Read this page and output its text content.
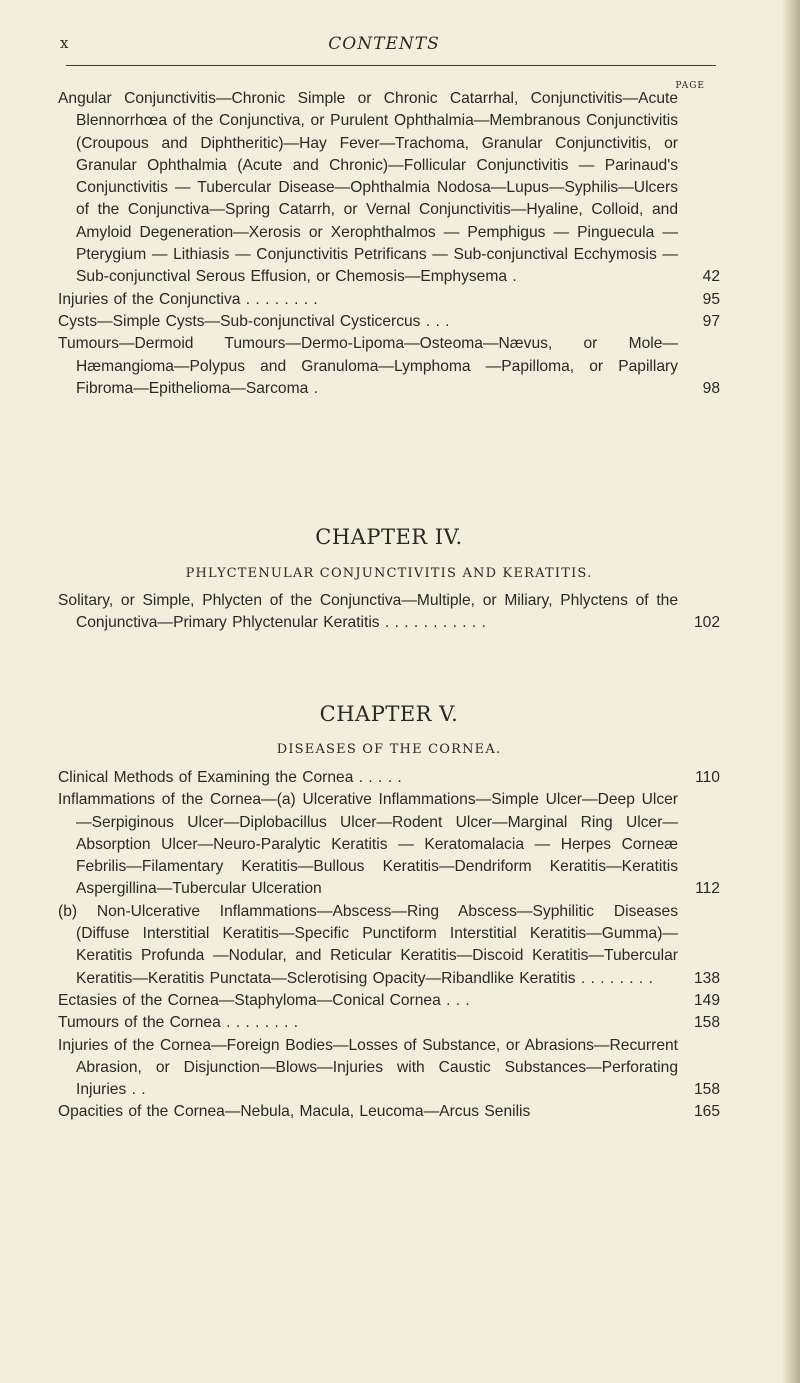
x	CONTENTS
PAGE
Angular Conjunctivitis—Chronic Simple or Chronic Catarrhal, Conjunctivitis—Acute Blennorrhœa of the Conjunctiva, or Purulent Ophthalmia—Membranous Conjunctivitis (Croupous and Diphtheritic)—Hay Fever—Trachoma, Granular Conjunctivitis, or Granular Ophthalmia (Acute and Chronic)—Follicular Conjunctivitis — Parinaud's Conjunctivitis — Tubercular Disease—Ophthalmia Nodosa—Lupus—Syphilis—Ulcers of the Conjunctiva—Spring Catarrh, or Vernal Conjunctivitis—Hyaline, Colloid, and Amyloid Degeneration—Xerosis or Xerophthalmos — Pemphigus — Pinguecula — Pterygium — Lithiasis — Conjunctivitis Petrificans — Sub-conjunctival Ecchymosis — Sub-conjunctival Serous Effusion, or Chemosis—Emphysema .	42
Injuries of the Conjunctiva . . . . . . . .	95
Cysts—Simple Cysts—Sub-conjunctival Cysticercus . . .	97
Tumours—Dermoid Tumours—Dermo-Lipoma—Osteoma—Nævus, or Mole—Hæmangioma—Polypus and Granuloma—Lymphoma —Papilloma, or Papillary Fibroma—Epithelioma—Sarcoma .	98
CHAPTER IV.
PHLYCTENULAR CONJUNCTIVITIS AND KERATITIS.
Solitary, or Simple, Phlycten of the Conjunctiva—Multiple, or Miliary, Phlyctens of the Conjunctiva—Primary Phlyctenular Keratitis . . . . . . . . . . .	102
CHAPTER V.
DISEASES OF THE CORNEA.
Clinical Methods of Examining the Cornea . . . . .	110
Inflammations of the Cornea—(a) Ulcerative Inflammations—Simple Ulcer—Deep Ulcer—Serpiginous Ulcer—Diplobacillus Ulcer—Rodent Ulcer—Marginal Ring Ulcer—Absorption Ulcer—Neuro-Paralytic Keratitis — Keratomalacia — Herpes Corneæ Febrilis—Filamentary Keratitis—Bullous Keratitis—Dendriform Keratitis—Keratitis Aspergillina—Tubercular Ulceration	112
(b) Non-Ulcerative Inflammations—Abscess—Ring Abscess—Syphilitic Diseases (Diffuse Interstitial Keratitis—Specific Punctiform Interstitial Keratitis—Gumma)—Keratitis Profunda —Nodular, and Reticular Keratitis—Discoid Keratitis—Tubercular Keratitis—Keratitis Punctata—Sclerotising Opacity—Ribandlike Keratitis . . . . . . . .	138
Ectasies of the Cornea—Staphyloma—Conical Cornea . . .	149
Tumours of the Cornea . . . . . . . .	158
Injuries of the Cornea—Foreign Bodies—Losses of Substance, or Abrasions—Recurrent Abrasion, or Disjunction—Blows—Injuries with Caustic Substances—Perforating Injuries . .	158
Opacities of the Cornea—Nebula, Macula, Leucoma—Arcus Senilis	165
